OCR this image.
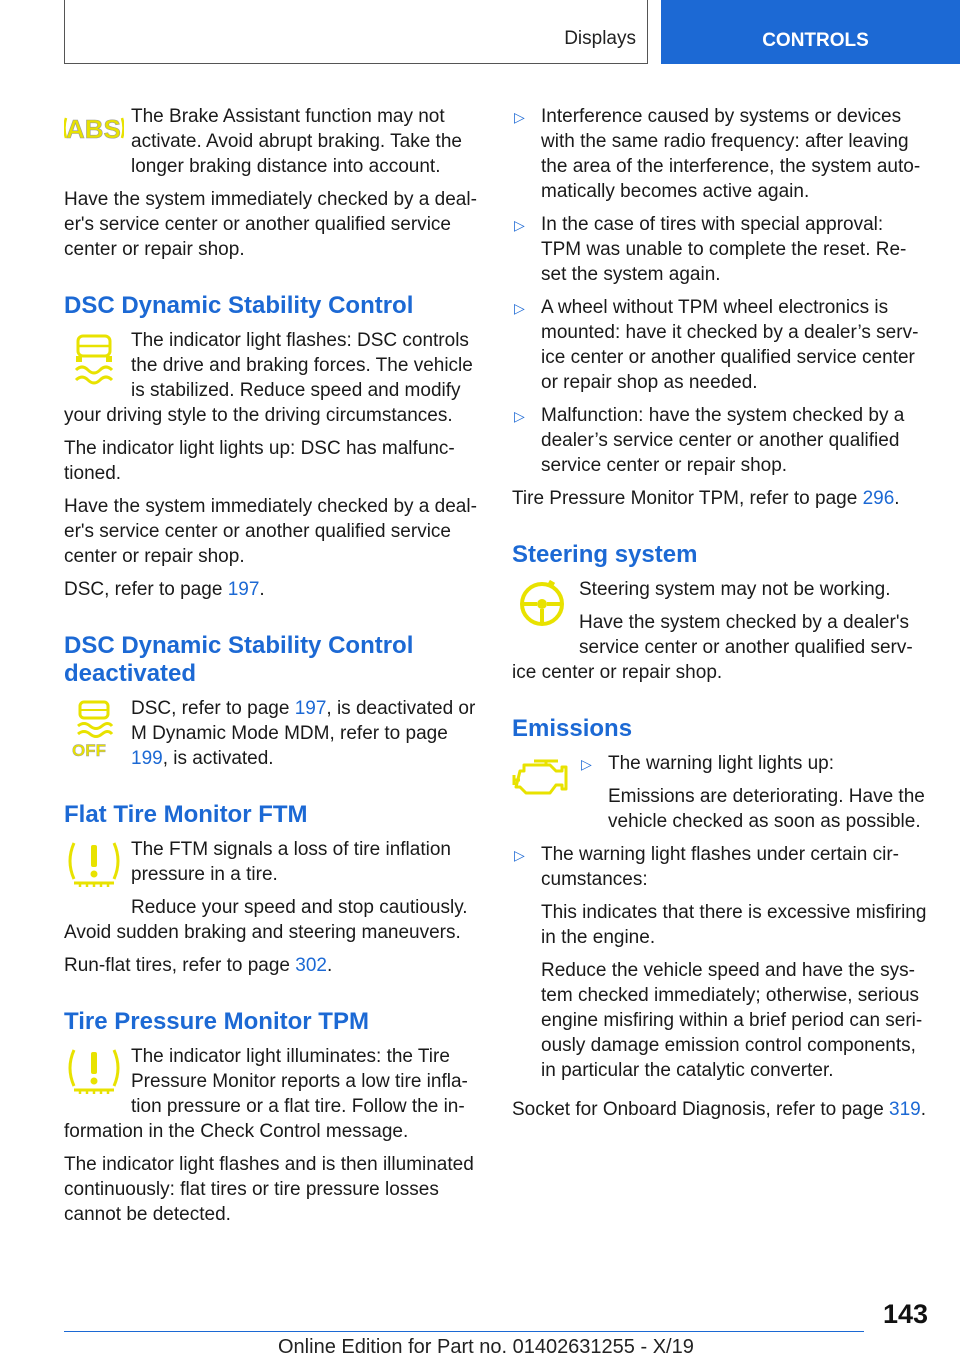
Displays	CONTROLS
ABS The Brake Assistant function may not activate. Avoid abrupt braking. Take the longer braking distance into account.

Have the system immediately checked by a deal-er's service center or another qualified service center or repair shop.

DSC Dynamic Stability Control

The indicator light flashes: DSC controls the drive and braking forces. The vehicle is stabilized. Reduce speed and modify

your driving style to the driving circumstances.

The indicator light lights up: DSC has malfunc-tioned.

Have the system immediately checked by a deal-er's service center or another qualified service center or repair shop.

DSC, refer to page 197.

DSC Dynamic Stability Control deactivated
OFF

DSC, refer to page 197, is deactivated or M Dynamic Mode MDM, refer to page 199, is activated.

Flat Tire Monitor FTM

The FTM signals a loss of tire inflation pressure in a tire.

Reduce your speed and stop cautiously.

Avoid sudden braking and steering maneuvers.

Run-flat tires, refer to page 302.

Tire Pressure Monitor TPM

The indicator light illuminates: the Tire Pressure Monitor reports a low tire infla-tion pressure or a flat tire. Follow the in-

formation in the Check Control message.

The indicator light flashes and is then illuminated continuously: flat tires or tire pressure losses cannot be detected.

▷ Interference caused by systems or devices with the same radio frequency: after leaving the area of the interference, the system auto-matically becomes active again.

▷ In the case of tires with special approval: TPM was unable to complete the reset. Re-set the system again.

▷ A wheel without TPM wheel electronics is mounted: have it checked by a dealer’s serv-ice center or another qualified service center or repair shop as needed.

▷ Malfunction: have the system checked by a dealer’s service center or another qualified service center or repair shop.

Tire Pressure Monitor TPM, refer to page 296.

Steering system

Steering system may not be working.

Have the system checked by a dealer's service center or another qualified serv-

ice center or repair shop.

Emissions
▷ The warning light lights up:

Emissions are deteriorating. Have the vehicle checked as soon as possible.

▷ The warning light flashes under certain cir-cumstances:

This indicates that there is excessive misfiring in the engine.

Reduce the vehicle speed and have the sys-tem checked immediately; otherwise, serious engine misfiring within a brief period can seri-ously damage emission control components, in particular the catalytic converter.

Socket for Onboard Diagnosis, refer to page 319.

143
Online Edition for Part no. 01402631255 - X/19
